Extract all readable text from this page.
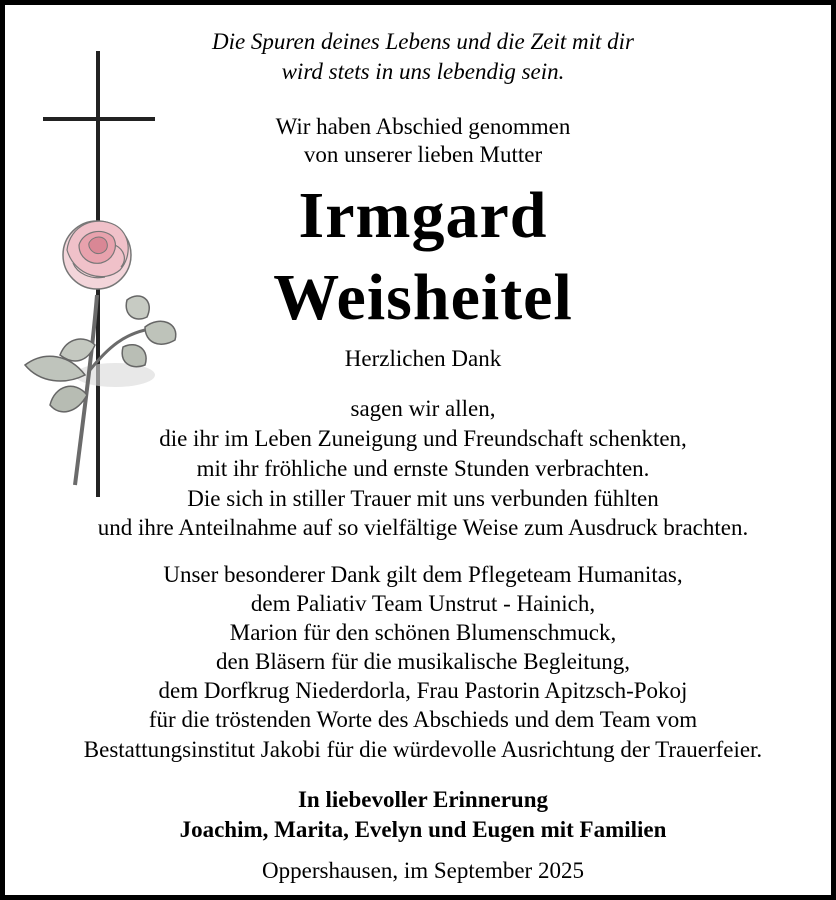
Die Spuren deines Lebens und die Zeit mit dir
wird stets in uns lebendig sein.
Wir haben Abschied genommen
von unserer lieben Mutter
Irmgard
Weisheitel
Herzlichen Dank
sagen wir allen,
die ihr im Leben Zuneigung und Freundschaft schenkten,
mit ihr fröhliche und ernste Stunden verbrachten.
Die sich in stiller Trauer mit uns verbunden fühlten
und ihre Anteilnahme auf so vielfältige Weise zum Ausdruck brachten.
Unser besonderer Dank gilt dem Pflegeteam Humanitas,
dem Paliativ Team Unstrut - Hainich,
Marion für den schönen Blumenschmuck,
den Bläsern für die musikalische Begleitung,
dem Dorfkrug Niederdorla, Frau Pastorin Apitzsch-Pokoj
für die tröstenden Worte des Abschieds und dem Team vom
Bestattungsinstitut Jakobi für die würdevolle Ausrichtung der Trauerfeier.
In liebevoller Erinnerung
Joachim, Marita, Evelyn und Eugen mit Familien
Oppershausen, im September 2025
